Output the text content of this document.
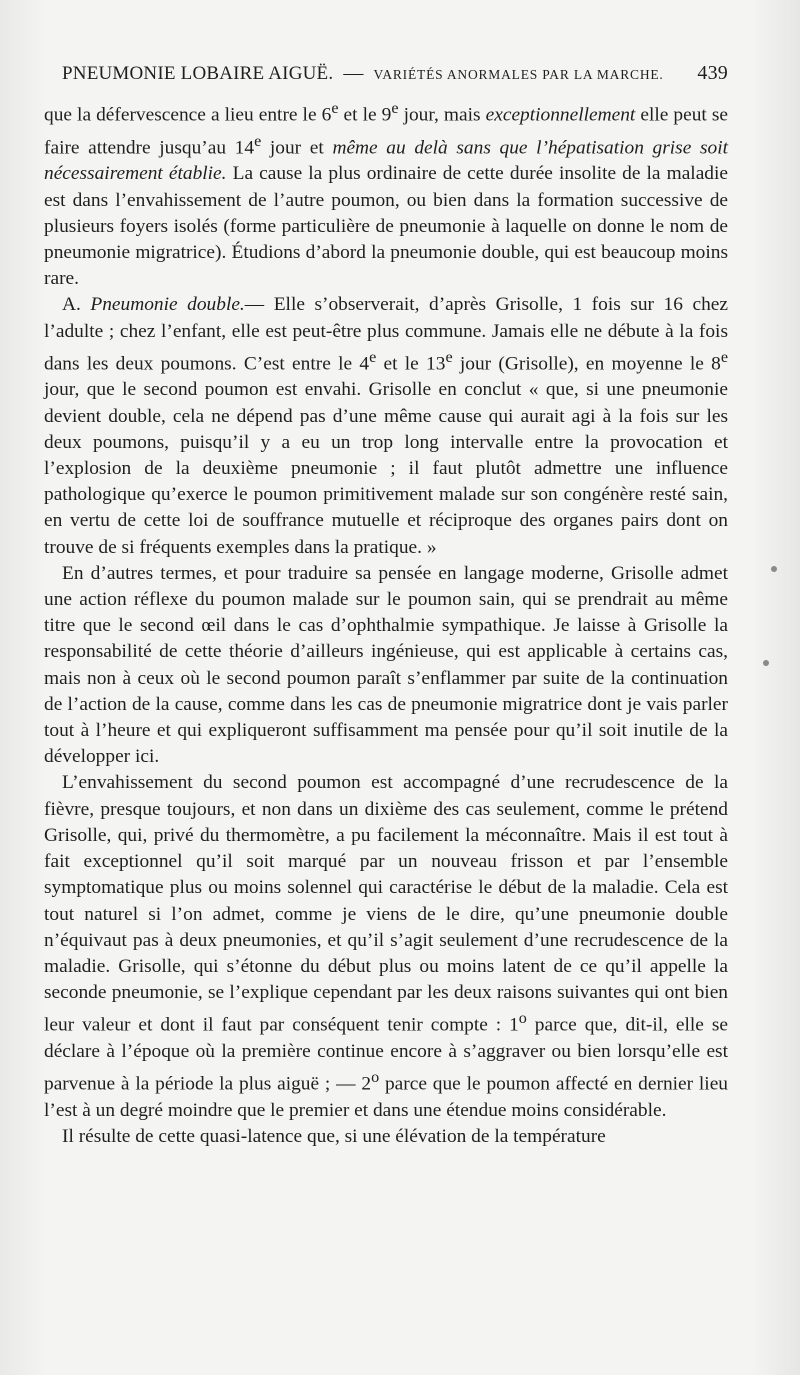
PNEUMONIE LOBAIRE AIGUË. — VARIÉTÉS ANORMALES PAR LA MARCHE. 439

que la défervescence a lieu entre le 6e et le 9e jour, mais exceptionnellement elle peut se faire attendre jusqu’au 14e jour et même au delà sans que l’hépatisation grise soit nécessairement établie. La cause la plus ordinaire de cette durée insolite de la maladie est dans l’envahissement de l’autre poumon, ou bien dans la formation successive de plusieurs foyers isolés (forme particulière de pneumonie à laquelle on donne le nom de pneumonie migratrice). Étudions d’abord la pneumonie double, qui est beaucoup moins rare.

A. Pneumonie double.— Elle s’observerait, d’après Grisolle, 1 fois sur 16 chez l’adulte ; chez l’enfant, elle est peut-être plus commune. Jamais elle ne débute à la fois dans les deux poumons. C’est entre le 4e et le 13e jour (Grisolle), en moyenne le 8e jour, que le second poumon est envahi. Grisolle en conclut « que, si une pneumonie devient double, cela ne dépend pas d’une même cause qui aurait agi à la fois sur les deux poumons, puisqu’il y a eu un trop long intervalle entre la provocation et l’explosion de la deuxième pneumonie ; il faut plutôt admettre une influence pathologique qu’exerce le poumon primitivement malade sur son congénère resté sain, en vertu de cette loi de souffrance mutuelle et réciproque des organes pairs dont on trouve de si fréquents exemples dans la pratique. »

En d’autres termes, et pour traduire sa pensée en langage moderne, Grisolle admet une action réflexe du poumon malade sur le poumon sain, qui se prendrait au même titre que le second œil dans le cas d’ophthalmie sympathique. Je laisse à Grisolle la responsabilité de cette théorie d’ailleurs ingénieuse, qui est applicable à certains cas, mais non à ceux où le second poumon paraît s’enflammer par suite de la continuation de l’action de la cause, comme dans les cas de pneumonie migratrice dont je vais parler tout à l’heure et qui expliqueront suffisamment ma pensée pour qu’il soit inutile de la développer ici.

L’envahissement du second poumon est accompagné d’une recrudescence de la fièvre, presque toujours, et non dans un dixième des cas seulement, comme le prétend Grisolle, qui, privé du thermomètre, a pu facilement la méconnaître. Mais il est tout à fait exceptionnel qu’il soit marqué par un nouveau frisson et par l’ensemble symptomatique plus ou moins solennel qui caractérise le début de la maladie. Cela est tout naturel si l’on admet, comme je viens de le dire, qu’une pneumonie double n’équivaut pas à deux pneumonies, et qu’il s’agit seulement d’une recrudescence de la maladie. Grisolle, qui s’étonne du début plus ou moins latent de ce qu’il appelle la seconde pneumonie, se l’explique cependant par les deux raisons suivantes qui ont bien leur valeur et dont il faut par conséquent tenir compte : 1$^o$ parce que, dit-il, elle se déclare à l’époque où la première continue encore à s’aggraver ou bien lorsqu’elle est parvenue à la période la plus aiguë ; — 2$^o$ parce que le poumon affecté en dernier lieu l’est à un degré moindre que le premier et dans une étendue moins considérable.

Il résulte de cette quasi-latence que, si une élévation de la température
